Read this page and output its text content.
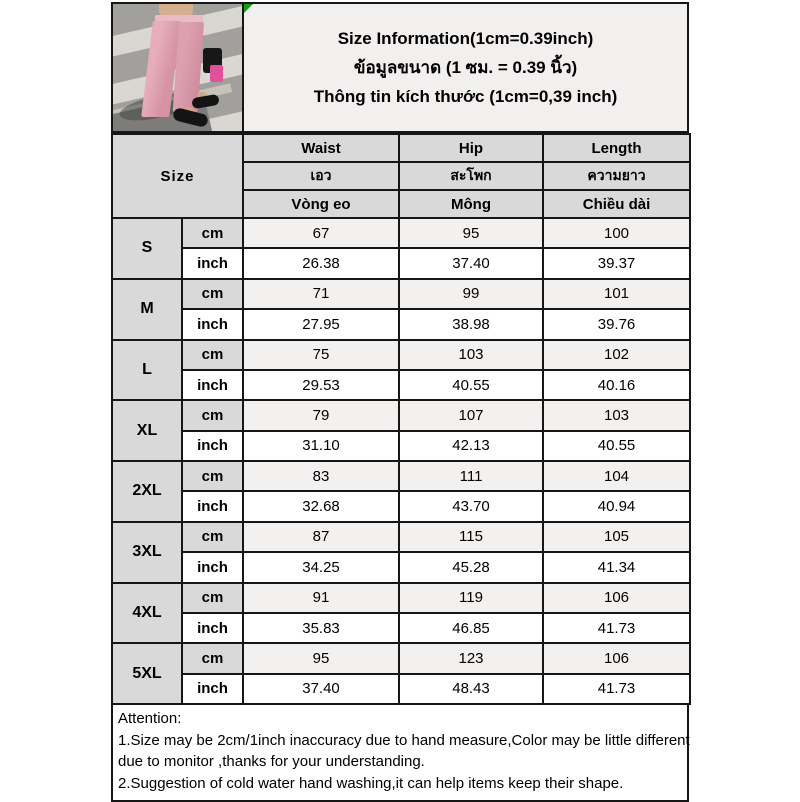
Size Information(1cm=0.39inch)
ข้อมูลขนาด (1 ซม. = 0.39 นิ้ว)
Thông tin kích thước (1cm=0,39 inch)
Size		Waist	Hip	Length
		เอว	สะโพก	ความยาว
		Vòng eo	Mông	Chiều dài
S	cm	67	95	100
	inch	26.38	37.40	39.37
M	cm	71	99	101
	inch	27.95	38.98	39.76
L	cm	75	103	102
	inch	29.53	40.55	40.16
XL	cm	79	107	103
	inch	31.10	42.13	40.55
2XL	cm	83	111	104
	inch	32.68	43.70	40.94
3XL	cm	87	115	105
	inch	34.25	45.28	41.34
4XL	cm	91	119	106
	inch	35.83	46.85	41.73
5XL	cm	95	123	106
	inch	37.40	48.43	41.73
Attention:
1.Size may be 2cm/1inch inaccuracy due to hand measure,Color may be little different
due to monitor ,thanks for your understanding.
2.Suggestion of cold water hand washing,it can help items keep their shape.
